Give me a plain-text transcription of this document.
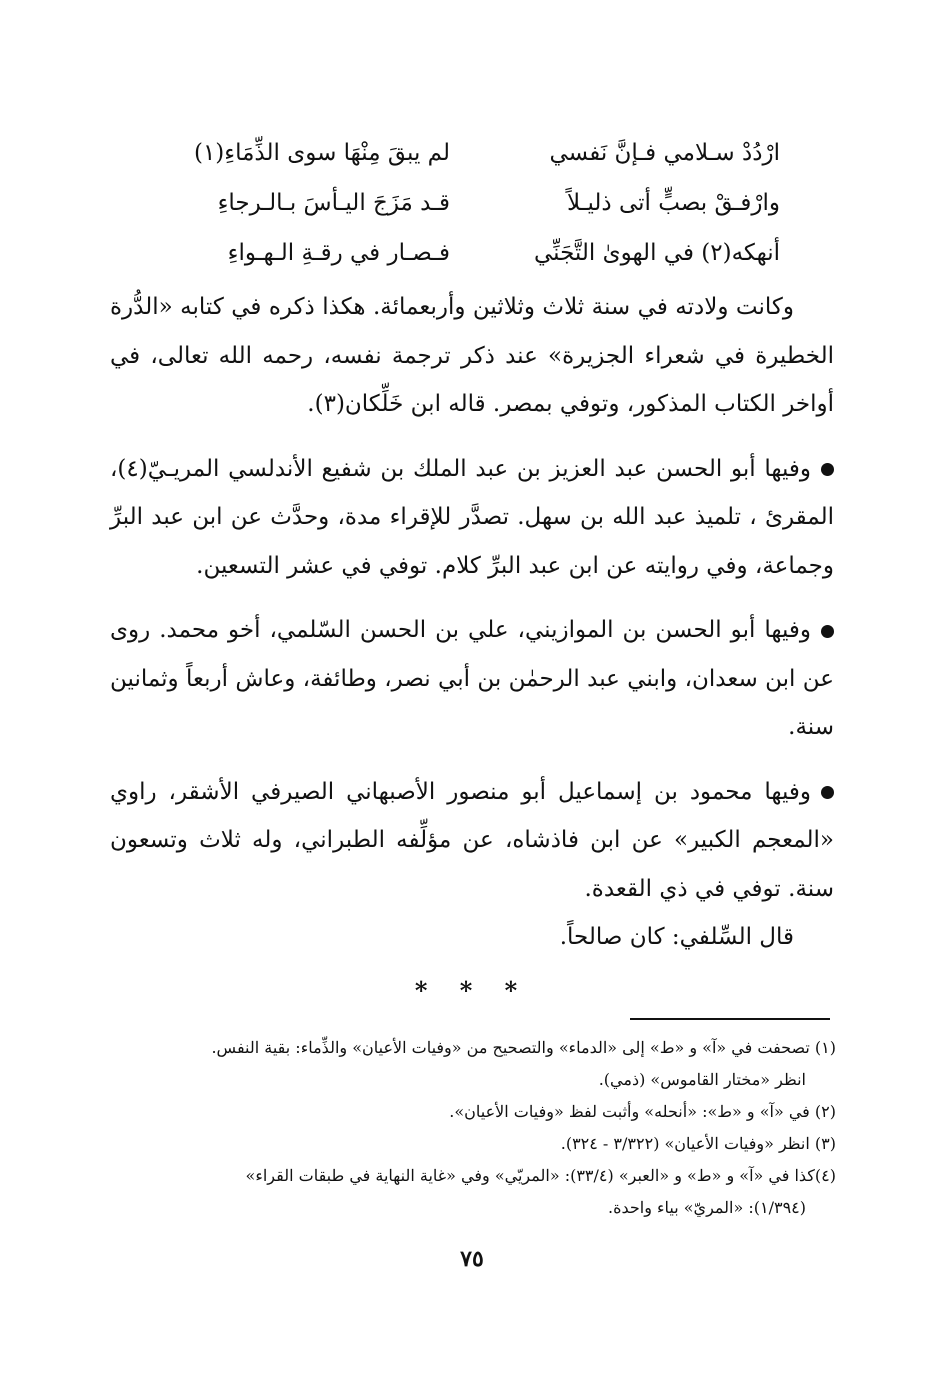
ارْدُدْ سـلامي فـإنَّ نَفسي
لم يبقَ مِنْهَا سوى الذِّمَاءِ(١)
وارْفـقْ بصبٍّ أتى ذليـلاً
قـد مَزَجَ اليـأسَ بـالـرجاءِ
أنهكه(٢) في الهوىٰ التَّجَنِّي
فـصـار في رقـةِ الـهـواءِ

وكانت ولادته في سنة ثلاث وثلاثين وأربعمائة. هكذا ذكره في كتابه «الدُّرة الخطيرة في شعراء الجزيرة» عند ذكر ترجمة نفسه، رحمه الله تعالى، في أواخر الكتاب المذكور، وتوفي بمصر. قاله ابن خَلِّكان(٣).

وفيها أبو الحسن عبد العزيز بن عبد الملك بن شفيع الأندلسي المريـيّ(٤)، المقرئ ، تلميذ عبد الله بن سهل. تصدَّر للإقراء مدة، وحدَّث عن ابن عبد البرِّ وجماعة، وفي روايته عن ابن عبد البرِّ كلام. توفي في عشر التسعين.

وفيها أبو الحسن بن الموازيني، علي بن الحسن السّلمي، أخو محمد. روى عن ابن سعدان، وابني عبد الرحمٰن بن أبي نصر، وطائفة، وعاش أربعاً وثمانين سنة.

وفيها محمود بن إسماعيل أبو منصور الأصبهاني الصيرفي الأشقر، راوي «المعجم الكبير» عن ابن فاذشاه، عن مؤلِّفه الطبراني، وله ثلاث وتسعون سنة. توفي في ذي القعدة.

قال السِّلفي: كان صالحاً.

* * *

(١) تصحفت في «آ» و «ط» إلى «الدماء» والتصحيح من «وفيات الأعيان» والذِّماء: بقية النفس.
انظر «مختار القاموس» (ذمي).

(٢) في «آ» و «ط»: «أنحله» وأثبت لفظ «وفيات الأعيان».

(٣) انظر «وفيات الأعيان» (٣/٣٢٢ - ٣٢٤).

(٤)كذا في «آ» و «ط» و «العبر» (٣٣/٤): «المريّي» وفي «غاية النهاية في طبقات القراء»
(١/٣٩٤): «المريّ» بياء واحدة.

٧٥
